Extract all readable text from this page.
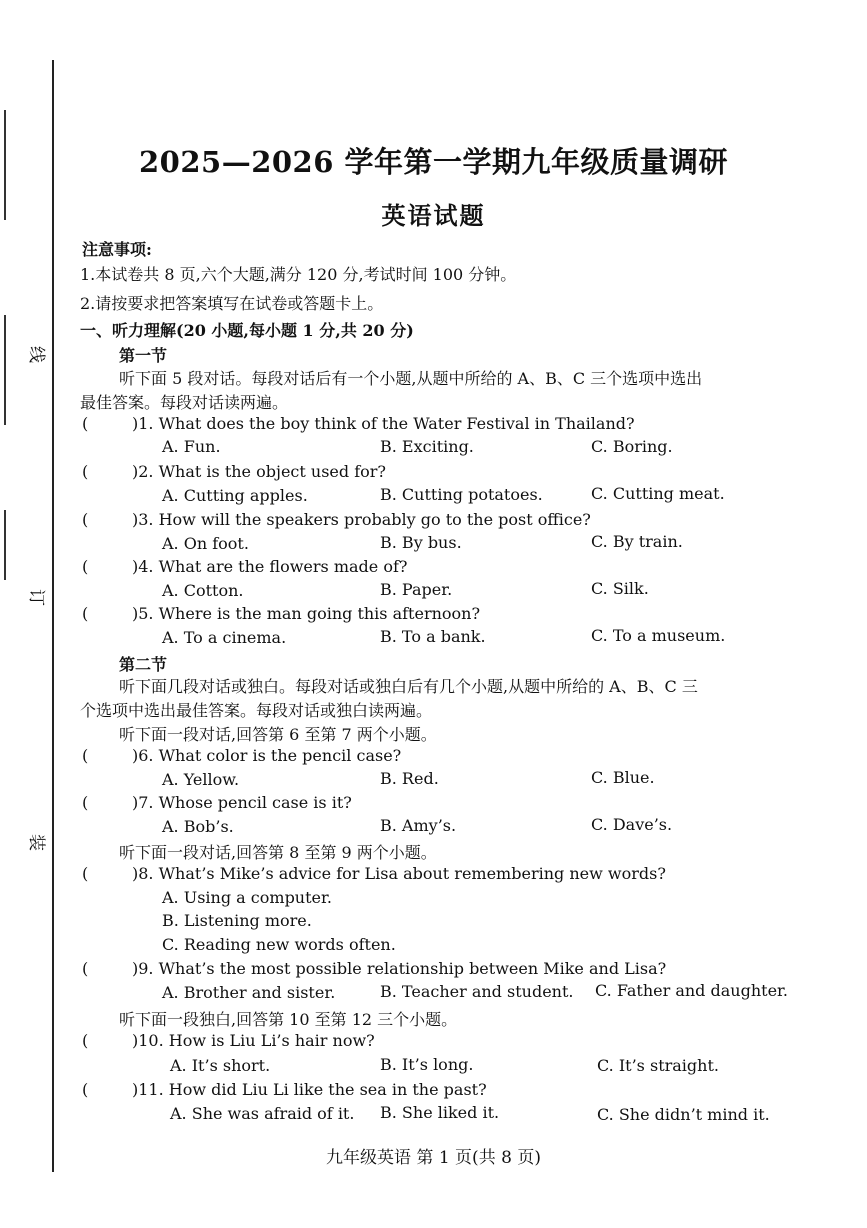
线
订
装
2025—2026 学年第一学期九年级质量调研
英语试题
注意事项:
1.本试卷共 8 页,六个大题,满分 120 分,考试时间 100 分钟。
2.请按要求把答案填写在试卷或答题卡上。
一、听力理解(20 小题,每小题 1 分,共 20 分)
第一节
听下面 5 段对话。每段对话后有一个小题,从题中所给的 A、B、C 三个选项中选出
最佳答案。每段对话读两遍。
(	)1. What does the boy think of the Water Festival in Thailand?
A. Fun.	B. Exciting.	C. Boring.
(	)2. What is the object used for?
A. Cutting apples.	B. Cutting potatoes.	C. Cutting meat.
(	)3. How will the speakers probably go to the post office?
A. On foot.	B. By bus.	C. By train.
(	)4. What are the flowers made of?
A. Cotton.	B. Paper.	C. Silk.
(	)5. Where is the man going this afternoon?
A. To a cinema.	B. To a bank.	C. To a museum.
第二节
听下面几段对话或独白。每段对话或独白后有几个小题,从题中所给的 A、B、C 三
个选项中选出最佳答案。每段对话或独白读两遍。
听下面一段对话,回答第 6 至第 7 两个小题。
(	)6. What color is the pencil case?
A. Yellow.	B. Red.	C. Blue.
(	)7. Whose pencil case is it?
A. Bob’s.	B. Amy’s.	C. Dave’s.
听下面一段对话,回答第 8 至第 9 两个小题。
(	)8. What’s Mike’s advice for Lisa about remembering new words?
A. Using a computer.
B. Listening more.
C. Reading new words often.
(	)9. What’s the most possible relationship between Mike and Lisa?
A. Brother and sister.	B. Teacher and student. C. Father and daughter.
听下面一段独白,回答第 10 至第 12 三个小题。
(	)10. How is Liu Li’s hair now?
A. It’s short.	B. It’s long.	C. It’s straight.
(	)11. How did Liu Li like the sea in the past?
A. She was afraid of it. B. She liked it.	C. She didn’t mind it.
九年级英语 第 1 页(共 8 页)
